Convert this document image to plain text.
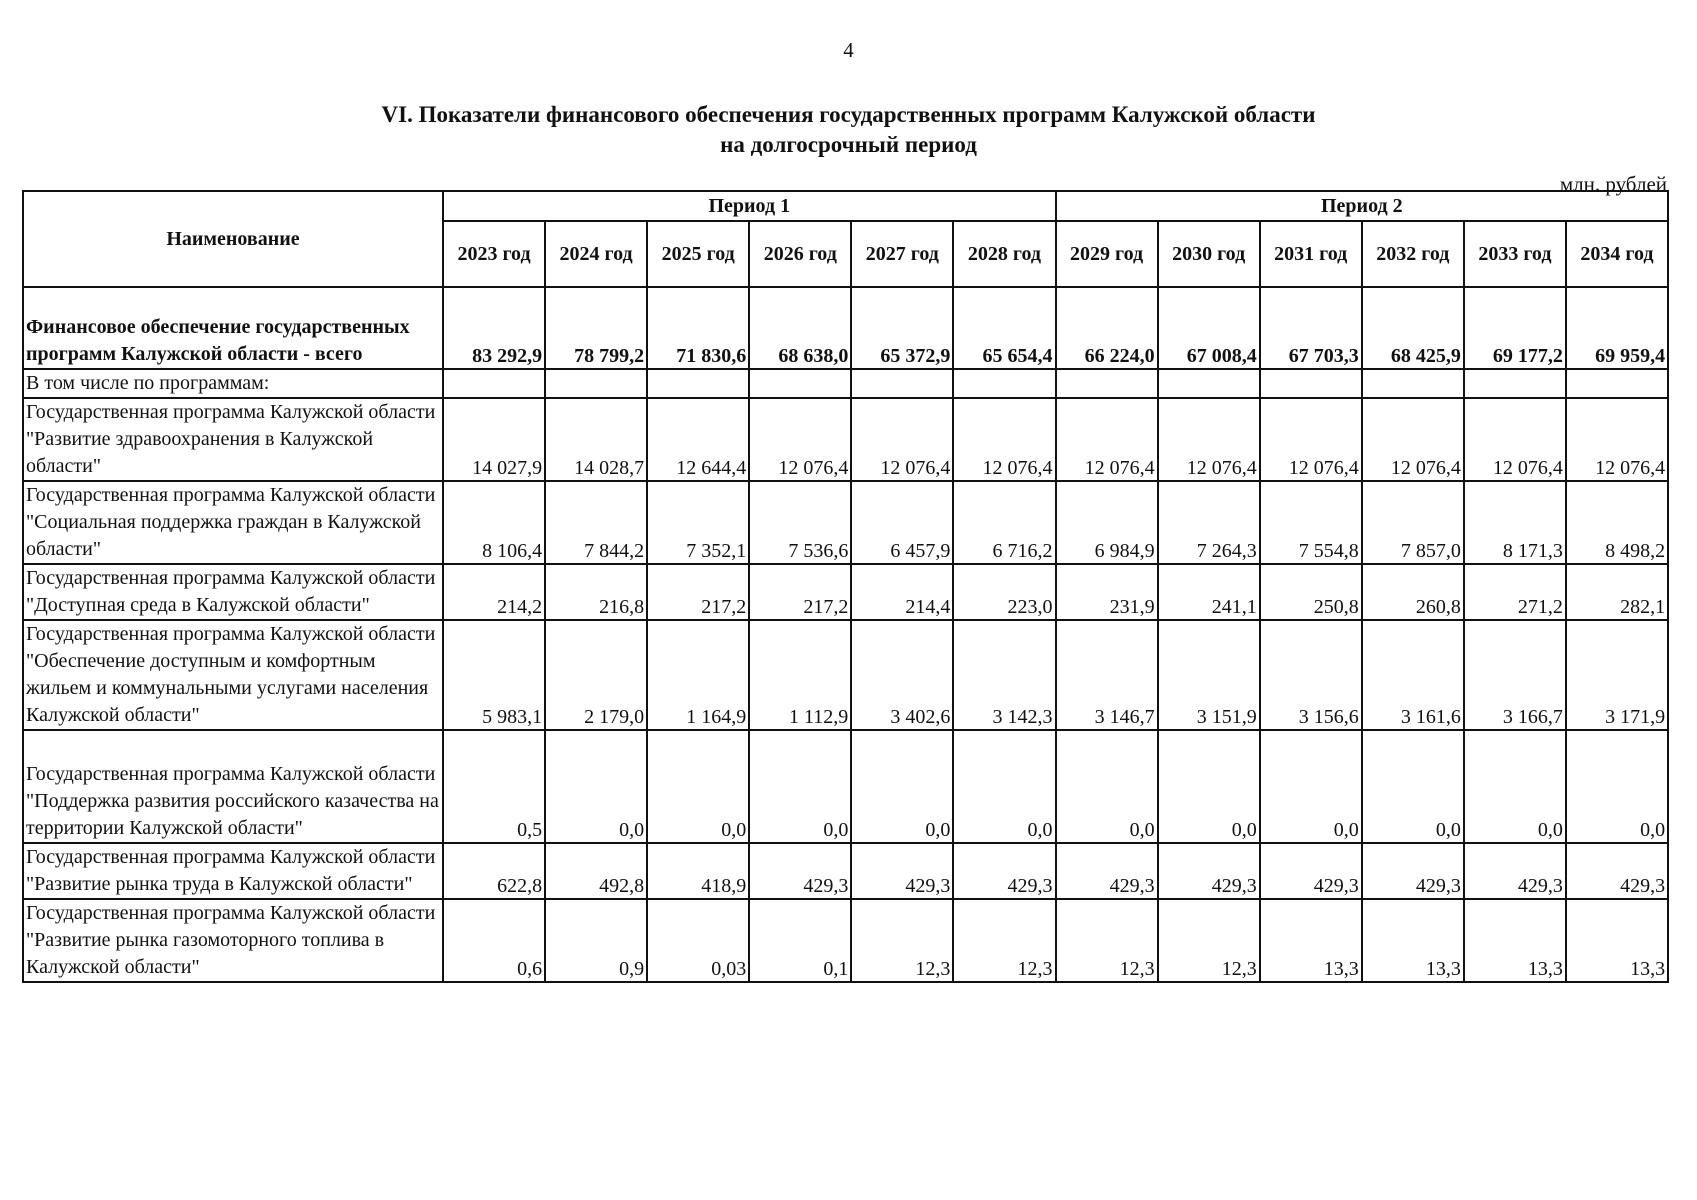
4
VI. Показатели финансового обеспечения государственных программ Калужской области
на долгосрочный период
млн. рублей
Наименование	Период 1						Период 2					
	2023 год	2024 год	2025 год	2026 год	2027 год	2028 год	2029 год	2030 год	2031 год	2032 год	2033 год	2034 год
Финансовое обеспечение государственных программ Калужской области - всего	83 292,9	78 799,2	71 830,6	68 638,0	65 372,9	65 654,4	66 224,0	67 008,4	67 703,3	68 425,9	69 177,2	69 959,4
В том числе по программам:												
Государственная программа Калужской области "Развитие здравоохранения в Калужской области"	14 027,9	14 028,7	12 644,4	12 076,4	12 076,4	12 076,4	12 076,4	12 076,4	12 076,4	12 076,4	12 076,4	12 076,4
Государственная программа Калужской области "Социальная поддержка граждан в Калужской области"	8 106,4	7 844,2	7 352,1	7 536,6	6 457,9	6 716,2	6 984,9	7 264,3	7 554,8	7 857,0	8 171,3	8 498,2
Государственная программа Калужской области "Доступная среда в Калужской области"	214,2	216,8	217,2	217,2	214,4	223,0	231,9	241,1	250,8	260,8	271,2	282,1
Государственная программа Калужской области "Обеспечение доступным и комфортным жильем и коммунальными услугами населения Калужской области"	5 983,1	2 179,0	1 164,9	1 112,9	3 402,6	3 142,3	3 146,7	3 151,9	3 156,6	3 161,6	3 166,7	3 171,9
Государственная программа Калужской области "Поддержка развития российского казачества на территории Калужской области"	0,5	0,0	0,0	0,0	0,0	0,0	0,0	0,0	0,0	0,0	0,0	0,0
Государственная программа Калужской области "Развитие рынка труда в Калужской области"	622,8	492,8	418,9	429,3	429,3	429,3	429,3	429,3	429,3	429,3	429,3	429,3
Государственная программа Калужской области "Развитие рынка газомоторного топлива в Калужской области"	0,6	0,9	0,03	0,1	12,3	12,3	12,3	12,3	13,3	13,3	13,3	13,3
